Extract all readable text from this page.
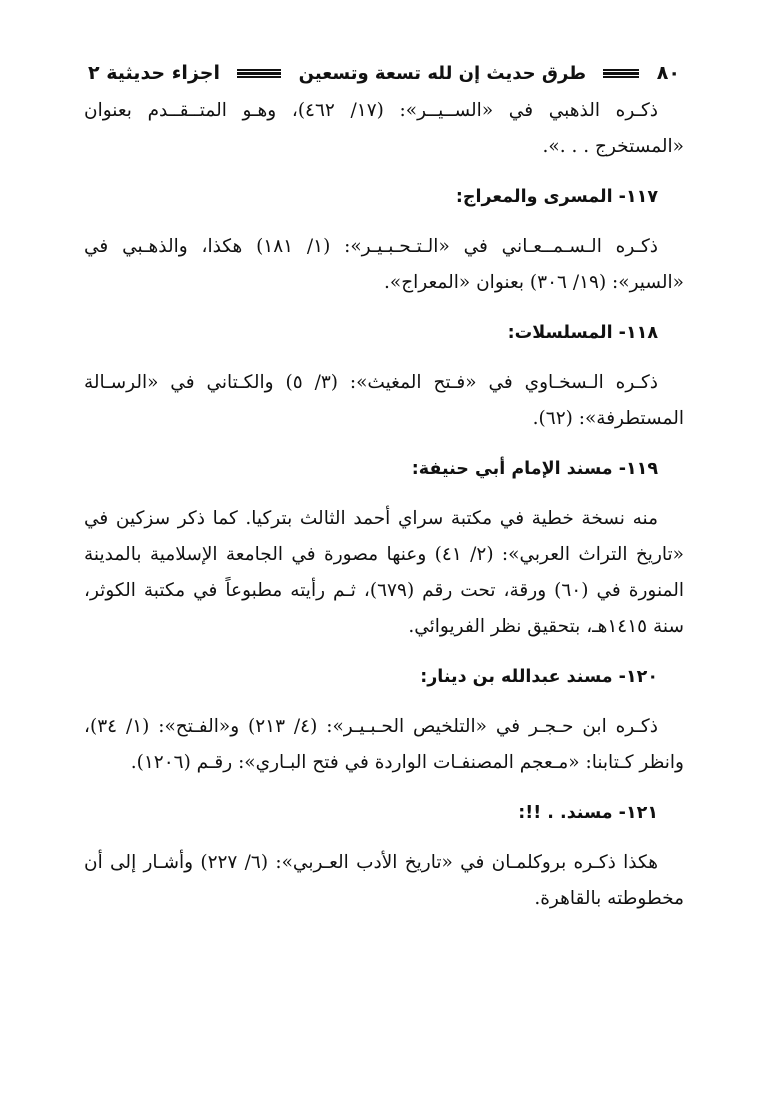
٨٠
طرق حديث إن لله تسعة وتسعين
اجزاء حديثية ٢

ذكـره الذهبي في «الســيــر»: (١٧/ ٤٦٢)، وهـو المتــقــدم بعنوان «المستخرج . . .».

١١٧- المسرى والمعراج:

ذكـره الـسـمــعـاني في «الـتـحـبـيـر»: (١/ ١٨١) هكذا، والذهـبي في «السير»: (١٩/ ٣٠٦) بعنوان «المعراج».

١١٨- المسلسلات:

ذكـره الـسخـاوي في «فـتح المغيث»: (٣/ ٥) والكـتاني في «الرسـالة المستطرفة»: (٦٢).

١١٩- مسند الإمام أبي حنيفة:

منه نسخة خطية في مكتبة سراي أحمد الثالث بتركيا. كما ذكر سزكين في «تاريخ التراث العربي»: (٢/ ٤١) وعنها مصورة في الجامعة الإسلامية بالمدينة المنورة في (٦٠) ورقة، تحت رقم (٦٧٩)، ثـم رأيته مطبوعاً في مكتبة الكوثر، سنة ١٤١٥هـ، بتحقيق نظر الفريوائي.

١٢٠- مسند عبدالله بن دينار:

ذكـره ابن حـجـر في «التلخيص الحـبـيـر»: (٤/ ٢١٣) و«الفـتح»: (١/ ٣٤)، وانظر كـتابنا: «مـعجم المصنفـات الواردة في فتح البـاري»: رقـم (١٢٠٦).

١٢١- مسند. . !!:

هكذا ذكـره بروكلمـان في «تاريخ الأدب العـربي»: (٦/ ٢٢٧) وأشـار إلى أن مخطوطته بالقاهرة.
